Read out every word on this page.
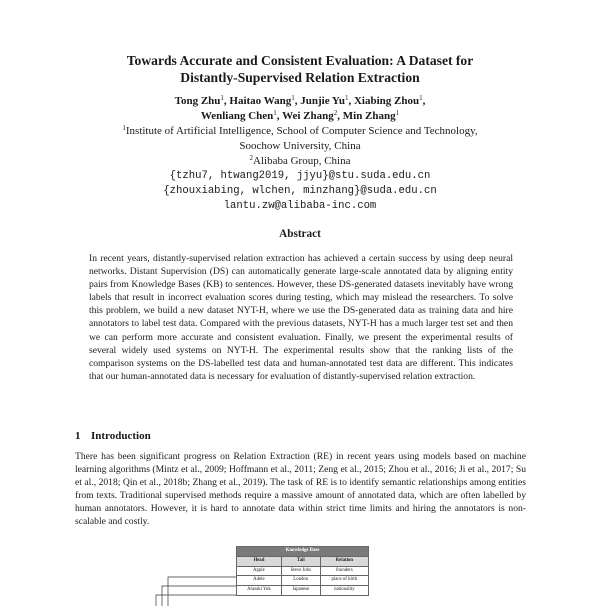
Towards Accurate and Consistent Evaluation: A Dataset for
Distantly-Supervised Relation Extraction
Tong Zhu$^1$, Haitao Wang$^1$, Junjie Yu$^1$, Xiabing Zhou$^1$,
Wenliang Chen$^1$, Wei Zhang$^2$, Min Zhang$^1$
$^1$Institute of Artificial Intelligence, School of Computer Science and Technology,
Soochow University, China
$^2$Alibaba Group, China
{tzhu7, htwang2019, jjyu}@stu.suda.edu.cn
{zhouxiabing, wlchen, minzhang}@suda.edu.cn
lantu.zw@alibaba-inc.com
Abstract
In recent years, distantly-supervised relation extraction has achieved a certain success by using deep neural networks. Distant Supervision (DS) can automatically generate large-scale annotated data by aligning entity pairs from Knowledge Bases (KB) to sentences. However, these DS-generated datasets inevitably have wrong labels that result in incorrect evaluation scores during testing, which may mislead the researchers. To solve this problem, we build a new dataset NYT-H, where we use the DS-generated data as training data and hire annotators to label test data. Compared with the previous datasets, NYT-H has a much larger test set and then we can perform more accurate and consistent evaluation. Finally, we present the experimental results of several widely used systems on NYT-H. The experimental results show that the ranking lists of the comparison systems on the DS-labelled test data and human-annotated test data are different. This indicates that our human-annotated data is necessary for evaluation of distantly-supervised relation extraction.
1 Introduction
There has been significant progress on Relation Extraction (RE) in recent years using models based on machine learning algorithms (Mintz et al., 2009; Hoffmann et al., 2011; Zeng et al., 2015; Zhou et al., 2016; Ji et al., 2017; Su et al., 2018; Qin et al., 2018b; Zhang et al., 2019). The task of RE is to identify semantic relationships among entities from texts. Traditional supervised methods require a massive amount of annotated data, which are often labelled by human annotators. However, it is hard to annotate data within strict time limits and hiring the annotators is non-scalable and costly.
Knowledge Base		
Head	Tail	Relation
Apple	Steve Jobs	founders
Adele	London	place of birth
Arasaki Yuk	Japanese	nationality
